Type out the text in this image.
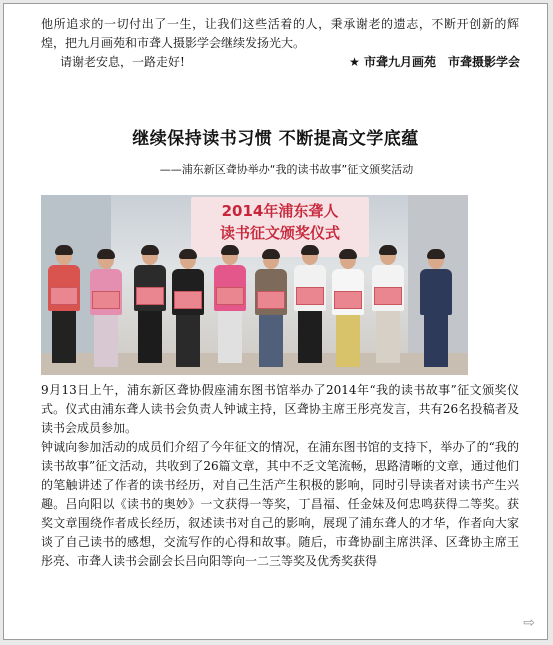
他所追求的一切付出了一生，让我们这些活着的人，秉承谢老的遗志，不断开创新的辉煌，把九月画苑和市聋人摄影学会继续发扬光大。

请谢老安息，一路走好!	★ 市聋九月画苑　市聋摄影学会
继续保持读书习惯 不断提高文学底蕴
——浦东新区聋协举办“我的读书故事”征文颁奖活动
2014年浦东聋人
读书征文颁奖仪式

9月13日上午，浦东新区聋协假座浦东图书馆举办了2014年“我的读书故事”征文颁奖仪式。仪式由浦东聋人读书会负责人钟诚主持，区聋协主席王彤亮发言，共有26名投稿者及读书会成员参加。

钟诚向参加活动的成员们介绍了今年征文的情况，在浦东图书馆的支持下，举办了的“我的读书故事”征文活动，共收到了26篇文章，其中不乏文笔流畅，思路清晰的文章，通过他们的笔触讲述了作者的读书经历，对自己生活产生积极的影响，同时引导读者对读书产生兴趣。吕向阳以《读书的奥妙》一文获得一等奖，丁昌福、任金妹及何忠鸣获得二等奖。获奖文章围绕作者成长经历，叙述读书对自己的影响，展现了浦东聋人的才华，作者向大家谈了自己读书的感想，交流写作的心得和故事。随后，市聋协副主席洪泽、区聋协主席王彤亮、市聋人读书会副会长吕向阳等向一二三等奖及优秀奖获得

⇨
